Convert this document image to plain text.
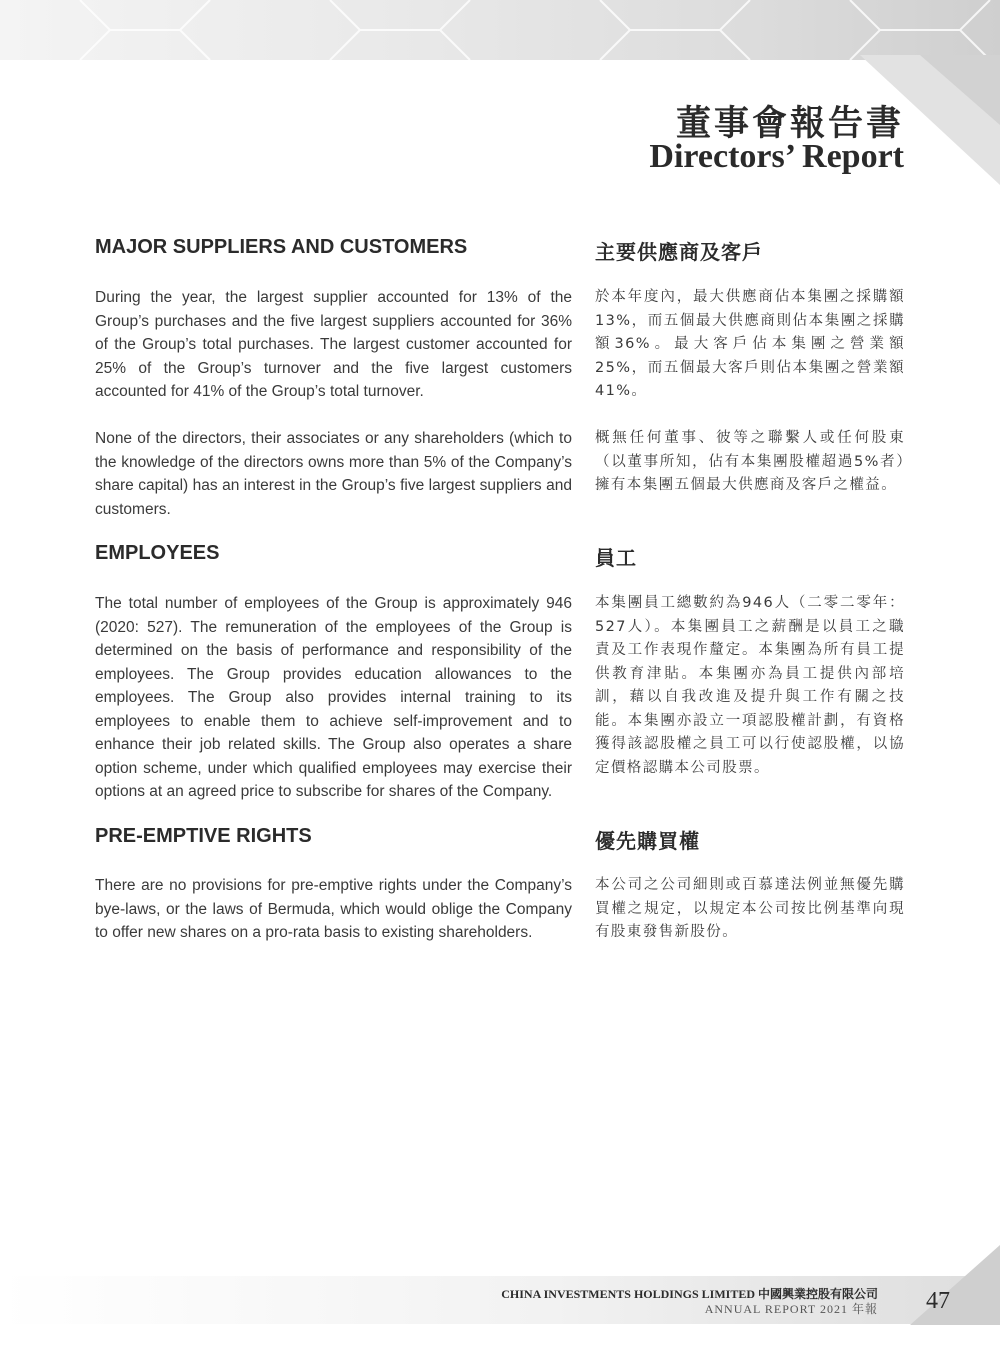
董事會報告書
Directors’ Report
MAJOR SUPPLIERS AND CUSTOMERS	主要供應商及客戶

During the year, the largest supplier accounted for 13% of the Group’s purchases and the five largest suppliers accounted for 36% of the Group’s total purchases. The largest customer accounted for 25% of the Group’s turnover and the five largest customers accounted for 41% of the Group’s total turnover.

於本年度內，最大供應商佔本集團之採購額13%，而五個最大供應商則佔本集團之採購額36%。最大客戶佔本集團之營業額25%，而五個最大客戶則佔本集團之營業額41%。

None of the directors, their associates or any shareholders (which to the knowledge of the directors owns more than 5% of the Company’s share capital) has an interest in the Group’s five largest suppliers and customers.

概無任何董事、彼等之聯繫人或任何股東（以董事所知，佔有本集團股權超過5%者）擁有本集團五個最大供應商及客戶之權益。

EMPLOYEES	員工

The total number of employees of the Group is approximately 946 (2020: 527). The remuneration of the employees of the Group is determined on the basis of performance and responsibility of the employees. The Group provides education allowances to the employees. The Group also provides internal training to its employees to enable them to achieve self-improvement and to enhance their job related skills. The Group also operates a share option scheme, under which qualified employees may exercise their options at an agreed price to subscribe for shares of the Company.

本集團員工總數約為946人（二零二零年：527人）。本集團員工之薪酬是以員工之職責及工作表現作釐定。本集團為所有員工提供教育津貼。本集團亦為員工提供內部培訓，藉以自我改進及提升與工作有關之技能。本集團亦設立一項認股權計劃，有資格獲得該認股權之員工可以行使認股權，以協定價格認購本公司股票。

PRE-EMPTIVE RIGHTS	優先購買權

There are no provisions for pre-emptive rights under the Company’s bye-laws, or the laws of Bermuda, which would oblige the Company to offer new shares on a pro-rata basis to existing shareholders.

本公司之公司細則或百慕達法例並無優先購買權之規定，以規定本公司按比例基準向現有股東發售新股份。

CHINA INVESTMENTS HOLDINGS LIMITED 中國興業控股有限公司

ANNUAL REPORT 2021 年報 47
